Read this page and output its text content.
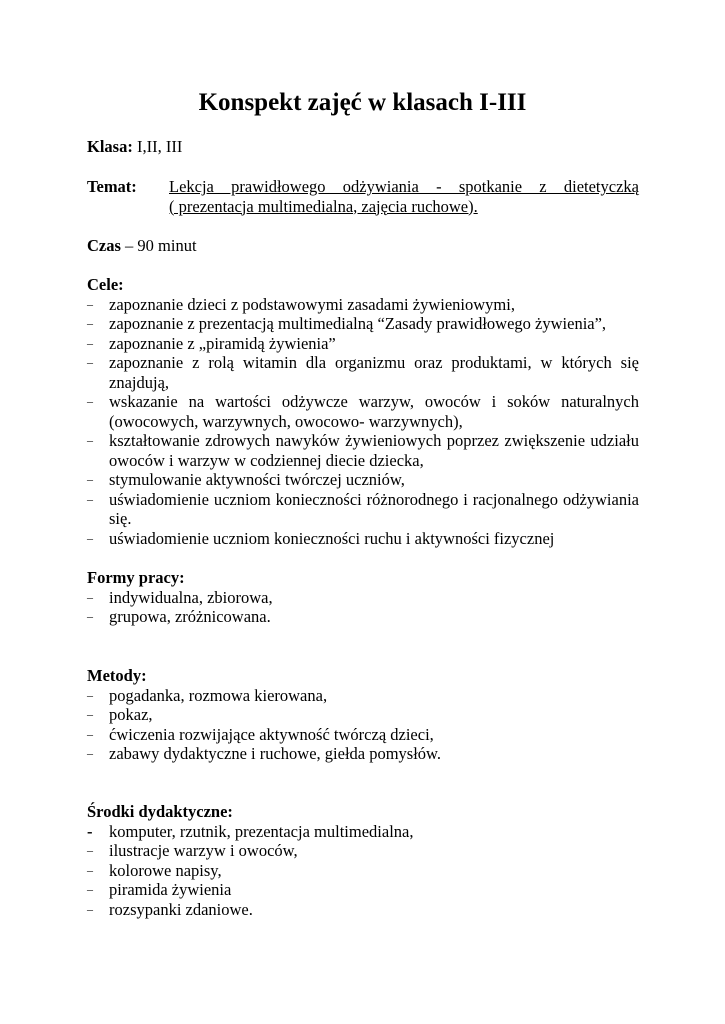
Konspekt zajęć w klasach I-III
Klasa: I,II, III
Temat: Lekcja prawidłowego odżywiania - spotkanie z dietetyczką
( prezentacja multimedialna, zajęcia ruchowe).
Czas – 90 minut
Cele:
– zapoznanie dzieci z podstawowymi zasadami żywieniowymi,
– zapoznanie z prezentacją multimedialną “Zasady prawidłowego żywienia”,
– zapoznanie z „piramidą żywienia”
– zapoznanie z rolą witamin dla organizmu oraz produktami, w których się znajdują,
– wskazanie na wartości odżywcze warzyw, owoców i soków naturalnych (owocowych, warzywnych, owocowo- warzywnych),
– kształtowanie zdrowych nawyków żywieniowych poprzez zwiększenie udziału owoców i warzyw w codziennej diecie dziecka,
– stymulowanie aktywności twórczej uczniów,
– uświadomienie uczniom konieczności różnorodnego i racjonalnego odżywiania się.
– uświadomienie uczniom konieczności ruchu i aktywności fizycznej
Formy pracy:
– indywidualna, zbiorowa,
– grupowa, zróżnicowana.
Metody:
– pogadanka, rozmowa kierowana,
– pokaz,
– ćwiczenia rozwijające aktywność twórczą dzieci,
– zabawy dydaktyczne i ruchowe, giełda pomysłów.
Środki dydaktyczne:
-	komputer, rzutnik, prezentacja multimedialna,
– ilustracje warzyw i owoców,
– kolorowe napisy,
– piramida żywienia
– rozsypanki zdaniowe.
